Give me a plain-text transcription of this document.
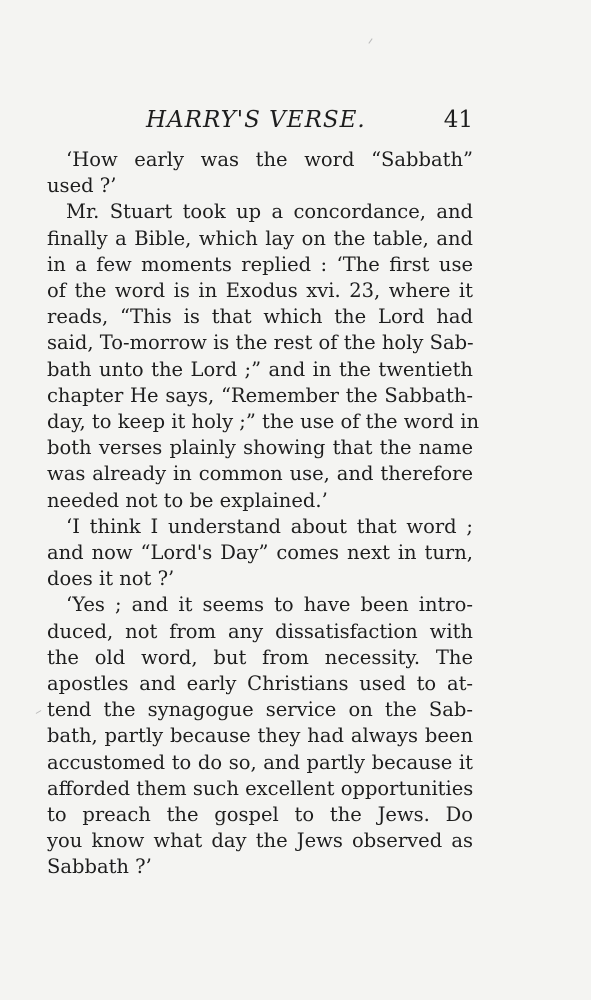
HARRY'S VERSE.	41

‘How early was the word “Sabbath”
used ?’

Mr. Stuart took up a concordance, and
finally a Bible, which lay on the table, and
in a few moments replied : ‘The first use
of the word is in Exodus xvi. 23, where it
reads, “This is that which the Lord had
said, To-morrow is the rest of the holy Sab-
bath unto the Lord ;” and in the twentieth
chapter He says, “Remember the Sabbath-
day, to keep it holy ;” the use of the word in
both verses plainly showing that the name
was already in common use, and therefore
needed not to be explained.’

‘I think I understand about that word ;
and now “Lord's Day” comes next in turn,
does it not ?’

‘Yes ; and it seems to have been intro-
duced, not from any dissatisfaction with
the old word, but from necessity. The
apostles and early Christians used to at-
tend the synagogue service on the Sab-
bath, partly because they had always been
accustomed to do so, and partly because it
afforded them such excellent opportunities
to preach the gospel to the Jews. Do
you know what day the Jews observed as
Sabbath ?’
